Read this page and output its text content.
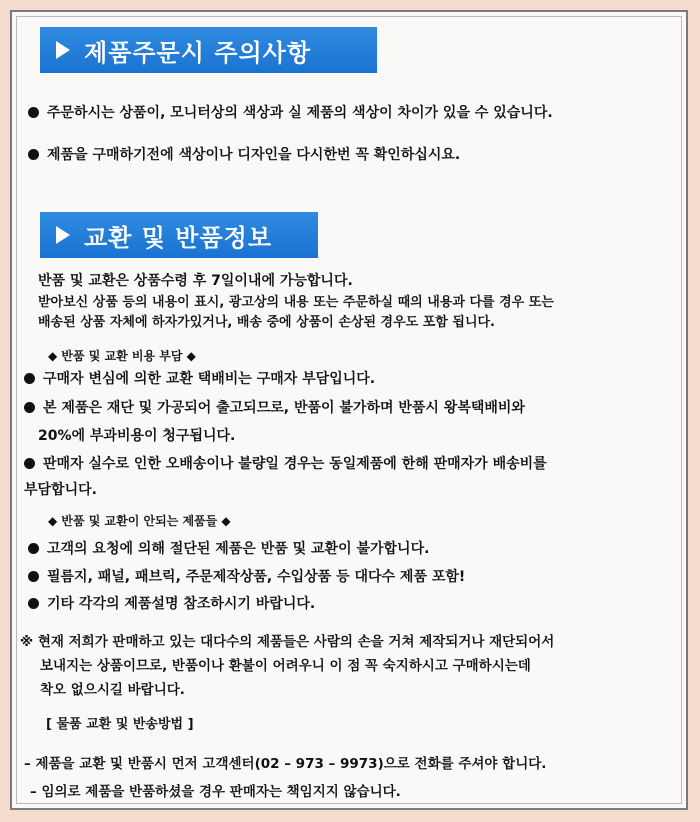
제품주문시 주의사항
주문하시는 상품이, 모니터상의 색상과 실 제품의 색상이 차이가 있을 수 있습니다.
제품을 구매하기전에 색상이나 디자인을 다시한번 꼭 확인하십시요.
교환 및 반품정보
반품 및 교환은 상품수령 후 7일이내에 가능합니다.
받아보신 상품 등의 내용이 표시, 광고상의 내용 또는 주문하실 때의 내용과 다를 경우 또는
배송된 상품 자체에 하자가있거나, 배송 중에 상품이 손상된 경우도 포함 됩니다.
◆ 반품 및 교환 비용 부담 ◆
구매자 변심에 의한 교환 택배비는 구매자 부담입니다.
본 제품은 재단 및 가공되어 출고되므로, 반품이 불가하며 반품시 왕복택배비와
20%에 부과비용이 청구됩니다.
판매자 실수로 인한 오배송이나 불량일 경우는 동일제품에 한해 판매자가 배송비를
부담합니다.
◆ 반품 및 교환이 안되는 제품들 ◆
고객의 요청에 의해 절단된 제품은 반품 및 교환이 불가합니다.
필름지, 패널, 패브릭, 주문제작상품, 수입상품 등 대다수 제품 포함!
기타 각각의 제품설명 참조하시기 바랍니다.
※ 현재 저희가 판매하고 있는 대다수의 제품들은 사람의 손을 거쳐 제작되거나 재단되어서
보내지는 상품이므로, 반품이나 환불이 어려우니 이 점 꼭 숙지하시고 구매하시는데
착오 없으시길 바랍니다.
[ 물품 교환 및 반송방법 ]
– 제품을 교환 및 반품시 먼저 고객센터(02 – 973 – 9973)으로 전화를 주셔야 합니다.
– 임의로 제품을 반품하셨을 경우 판매자는 책임지지 않습니다.
